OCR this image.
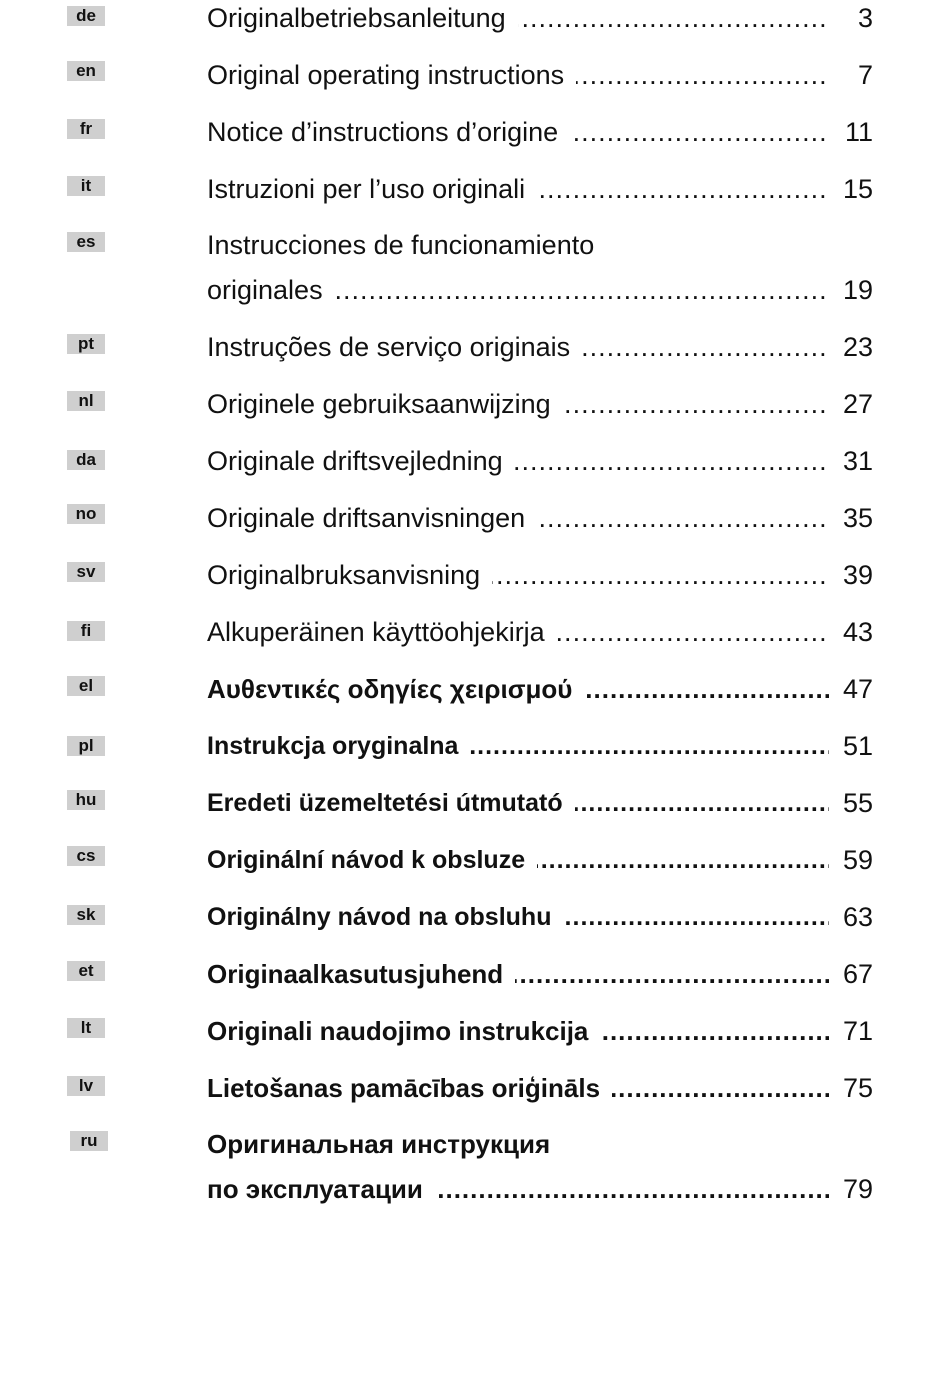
de .....	Originalbetriebsanleitung	3
en .....	Original operating instructions	7
fr .....	Notice d’instructions d’origine	11
it .....	Istruzioni per l’uso originali	15
es	Instrucciones de funcionamiento
.....
originales	19
pt .....	Instruções de serviço originais	23
nl .....	Originele gebruiksaanwijzing	27
da .....	Originale driftsvejledning	31
no .....	Originale driftsanvisningen	35
sv .....	Originalbruksanvisning	39
fi .....	Alkuperäinen käyttöohjekirja	43
el .....	Αυθεντικές οδηγίες χειρισμού	47
pl .....	Instrukcja oryginalna	51
hu .....	Eredeti üzemeltetési útmutató	55
cs .....	Originální návod k obsluze	59
sk .....	Originálny návod na obsluhu	63
et .....	Originaalkasutusjuhend	67
lt .....	Originali naudojimo instrukcija	71
lv .....	Lietošanas pamācības oriģināls	75
ru	Оригинальная инструкция
.....
по эксплуатации	79
